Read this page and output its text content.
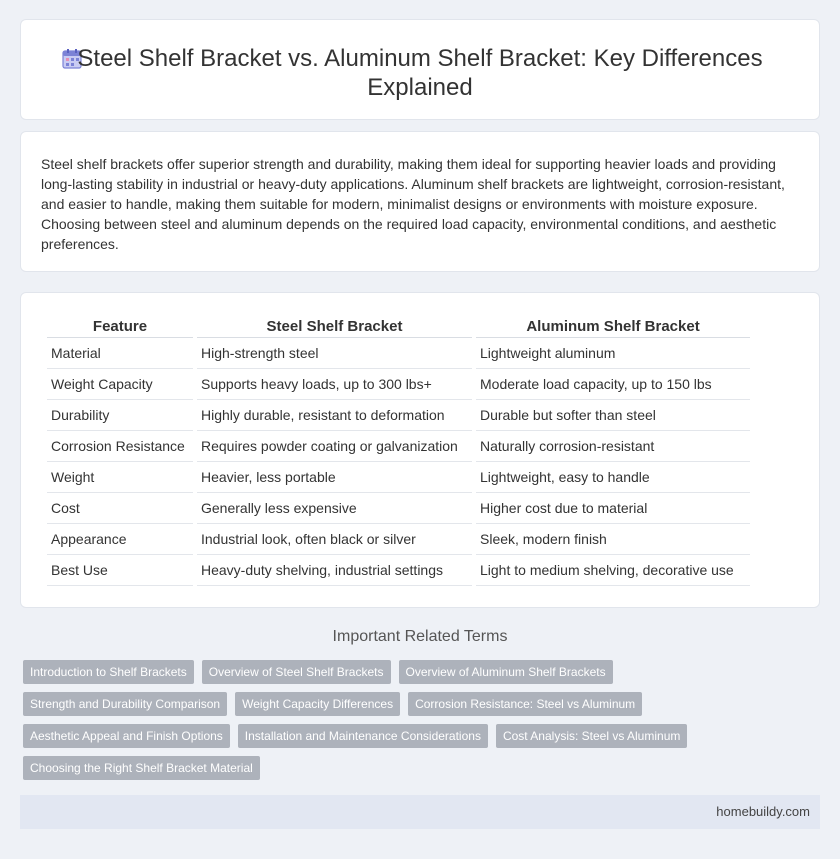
Steel Shelf Bracket vs. Aluminum Shelf Bracket: Key Differences Explained

Steel shelf brackets offer superior strength and durability, making them ideal for supporting heavier loads and providing long-lasting stability in industrial or heavy-duty applications. Aluminum shelf brackets are lightweight, corrosion-resistant, and easier to handle, making them suitable for modern, minimalist designs or environments with moisture exposure. Choosing between steel and aluminum depends on the required load capacity, environmental conditions, and aesthetic preferences.

Feature	Steel Shelf Bracket	Aluminum Shelf Bracket
Material	High-strength steel	Lightweight aluminum
Weight Capacity	Supports heavy loads, up to 300 lbs+	Moderate load capacity, up to 150 lbs
Durability	Highly durable, resistant to deformation	Durable but softer than steel
Corrosion Resistance	Requires powder coating or galvanization	Naturally corrosion-resistant
Weight	Heavier, less portable	Lightweight, easy to handle
Cost	Generally less expensive	Higher cost due to material
Appearance	Industrial look, often black or silver	Sleek, modern finish
Best Use	Heavy-duty shelving, industrial settings	Light to medium shelving, decorative use
Important Related Terms
Introduction to Shelf Brackets	Overview of Steel Shelf Brackets	Overview of Aluminum Shelf Brackets
Strength and Durability Comparison	Weight Capacity Differences	Corrosion Resistance: Steel vs Aluminum
Aesthetic Appeal and Finish Options	Installation and Maintenance Considerations	Cost Analysis: Steel vs Aluminum
Choosing the Right Shelf Bracket Material
homebuildy.com
